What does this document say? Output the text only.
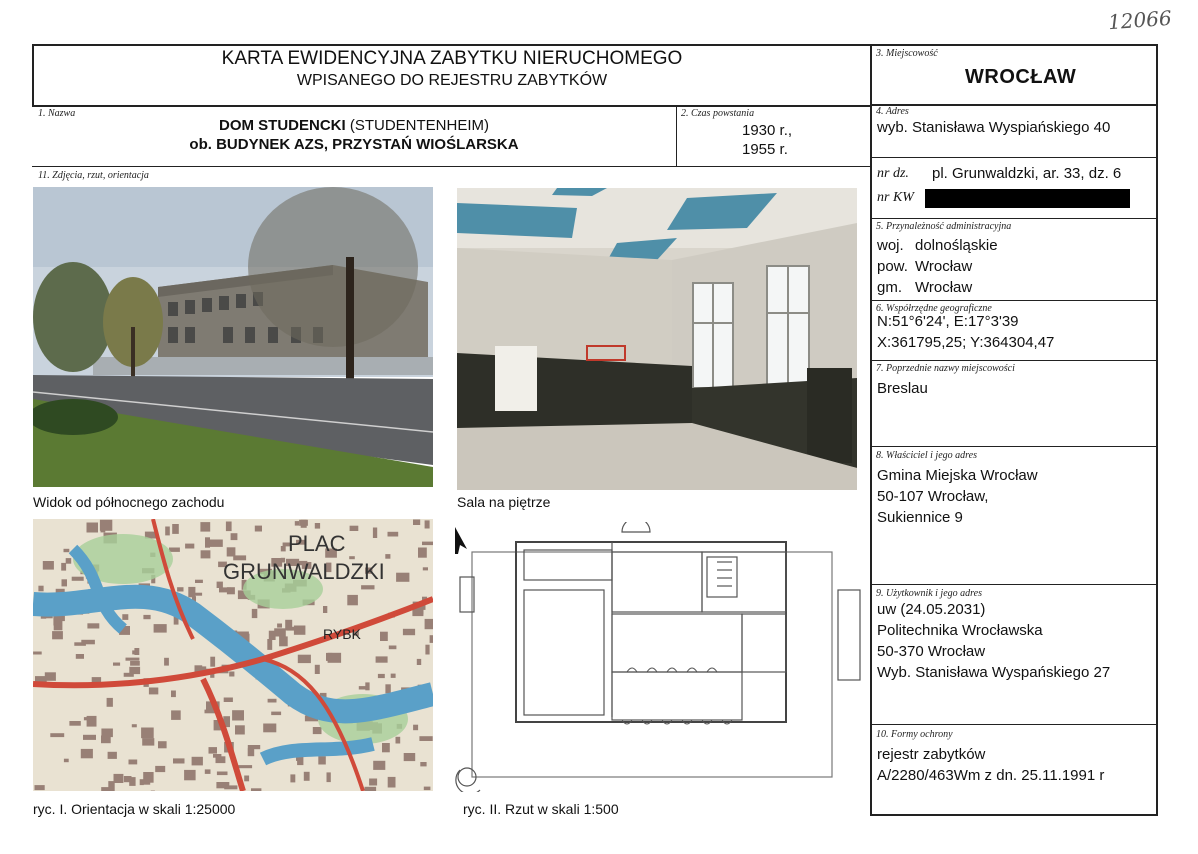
12066
KARTA EWIDENCYJNA ZABYTKU NIERUCHOMEGO
WPISANEGO DO REJESTRU ZABYTKÓW
3. Miejscowość
WROCŁAW
1. Nazwa
DOM STUDENCKI (STUDENTENHEIM)
ob. BUDYNEK AZS, PRZYSTAŃ WIOŚLARSKA
2. Czas powstania
1930 r.,
1955 r.
4. Adres
wyb. Stanisława Wyspiańskiego 40
nr dz. pl. Grunwaldzki, ar. 33, dz. 6
nr KW
5. Przynależność administracyjna
woj. dolnośląskie
pow. Wrocław
gm. Wrocław
6. Współrzędne geograficzne
N:51°6'24', E:17°3'39
X:361795,25; Y:364304,47
7. Poprzednie nazwy miejscowości
Breslau
8. Właściciel i jego adres
Gmina Miejska Wrocław
50-107 Wrocław,
Sukiennice 9
9. Użytkownik i jego adres
uw (24.05.2031)
Politechnika Wrocławska
50-370 Wrocław
Wyb. Stanisława Wyspańskiego 27
10. Formy ochrony
rejestr zabytków
A/2280/463Wm z dn. 25.11.1991 r
11. Zdjęcia, rzut, orientacja
Widok od północnego zachodu	Sala na piętrze
PLAC
GRUNWALDZKI
RYBK
ryc. I. Orientacja w skali 1:25000	ryc. II. Rzut w skali 1:500
